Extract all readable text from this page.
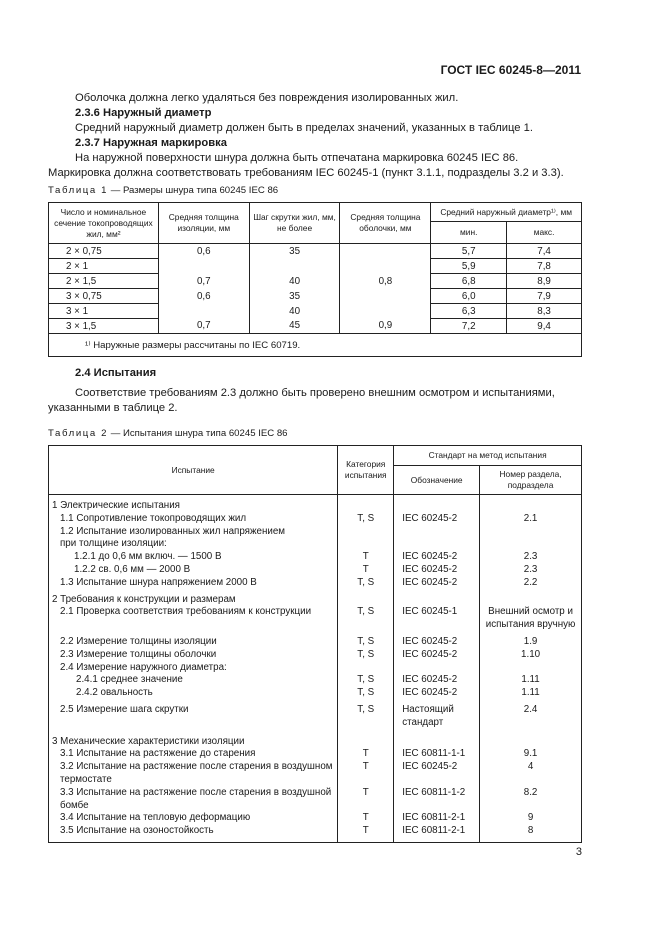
ГОСТ IEC 60245-8—2011
Оболочка должна легко удаляться без повреждения изолированных жил.
2.3.6 Наружный диаметр
Средний наружный диаметр должен быть в пределах значений, указанных в таблице 1.
2.3.7 Наружная маркировка
На наружной поверхности шнура должна быть отпечатана маркировка 60245 IEC 86. Маркировка должна соответствовать требованиям IEC 60245-1 (пункт 3.1.1, подразделы 3.2 и 3.3).
Таблица 1 — Размеры шнура типа 60245 IEC 86
Число и номинальное сечение токопроводящих жил, мм²	Средняя толщина изоляции, мм	Шаг скрутки жил, мм, не более	Средняя толщина оболочки, мм	Средний наружный диаметр¹⁾, мм	
				мин.	макс.
2 × 0,75	0,6	35	0,8	5,7	7,4
2 × 1				5,9	7,8
2 × 1,5	0,7	40		6,8	8,9
3 × 0,75	0,6	35		6,0	7,9
3 × 1		40		6,3	8,3
3 × 1,5	0,7	45	0,9	7,2	9,4
¹⁾ Наружные размеры рассчитаны по IEC 60719.					
2.4 Испытания
Соответствие требованиям 2.3 должно быть проверено внешним осмотром и испытаниями, указанными в таблице 2.
Таблица 2 — Испытания шнура типа 60245 IEC 86
Испытание	Категория испытания	Стандарт на метод испытания	
		Обозначение	Номер раздела, подраздела
1 Электрические испытания			
1.1 Сопротивление токопроводящих жил	T, S	IEC 60245-2	2.1
1.2 Испытание изолированных жил напряжением			
при толщине изоляции:			
1.2.1 до 0,6 мм включ. — 1500 В	T	IEC 60245-2	2.3
1.2.2 св. 0,6 мм — 2000 В	T	IEC 60245-2	2.3
1.3 Испытание шнура напряжением 2000 В	T, S	IEC 60245-2	2.2
2 Требования к конструкции и размерам			
2.1 Проверка соответствия требованиям к конструкции	T, S	IEC 60245-1	Внешний осмотр и испытания вручную
2.2 Измерение толщины изоляции	T, S	IEC 60245-2	1.9
2.3 Измерение толщины оболочки	T, S	IEC 60245-2	1.10
2.4 Измерение наружного диаметра:			
2.4.1 среднее значение	T, S	IEC 60245-2	1.11
2.4.2 овальность	T, S	IEC 60245-2	1.11
2.5 Измерение шага скрутки	T, S	Настоящий стандарт	2.4
3 Механические характеристики изоляции			
3.1 Испытание на растяжение до старения	T	IEC 60811-1-1	9.1
3.2 Испытание на растяжение после старения в воздушном термостате	T	IEC 60245-2	4
3.3 Испытание на растяжение после старения в воздушной бомбе	T	IEC 60811-1-2	8.2
3.4 Испытание на тепловую деформацию	T	IEC 60811-2-1	9
3.5 Испытание на озоностойкость	T	IEC 60811-2-1	8
3
